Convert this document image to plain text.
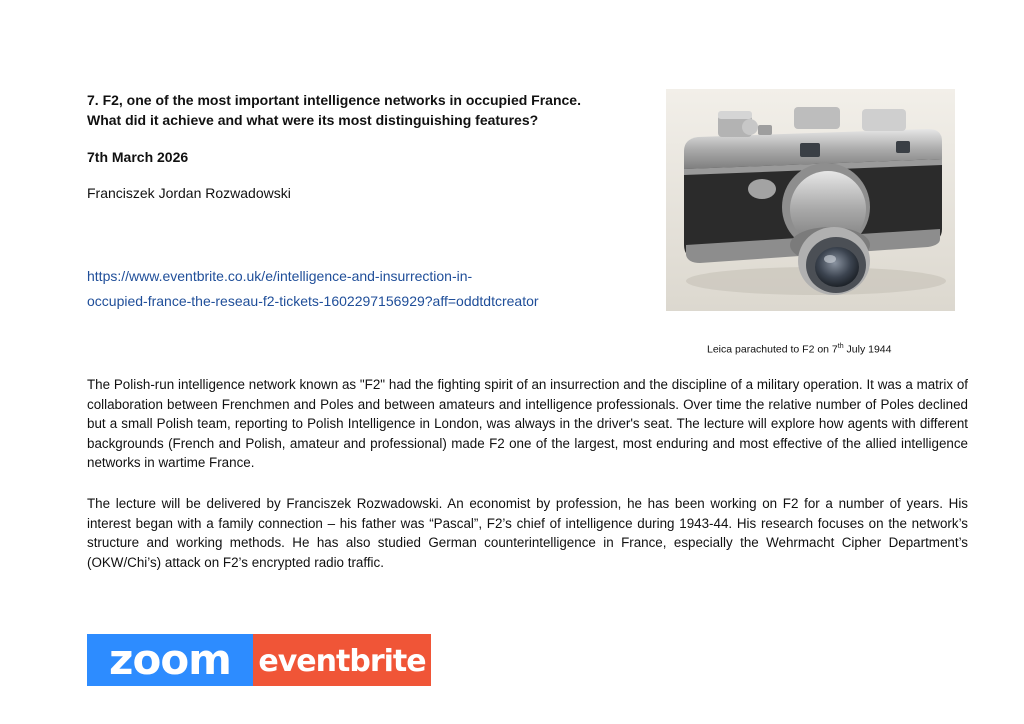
7. F2, one of the most important intelligence networks in occupied France.
What did it achieve and what were its most distinguishing features?
7th March 2026
Franciszek Jordan Rozwadowski
https://www.eventbrite.co.uk/e/intelligence-and-insurrection-in-
occupied-france-the-reseau-f2-tickets-1602297156929?aff=oddtdtcreator
Leica parachuted to F2 on 7th July 1944

The Polish-run intelligence network known as "F2" had the fighting spirit of an insurrection and the discipline of a military operation. It was a matrix of collaboration between Frenchmen and Poles and between amateurs and intelligence professionals. Over time the relative number of Poles declined but a small Polish team, reporting to Polish Intelligence in London, was always in the driver's seat. The lecture will explore how agents with different backgrounds (French and Polish, amateur and professional) made F2 one of the largest, most enduring and most effective of the allied intelligence networks in wartime France.

The lecture will be delivered by Franciszek Rozwadowski. An economist by profession, he has been working on F2 for a number of years. His interest began with a family connection – his father was “Pascal”, F2’s chief of intelligence during 1943-44. His research focuses on the network’s structure and working methods. He has also studied German counterintelligence in France, especially the Wehrmacht Cipher Department’s (OKW/Chi’s) attack on F2’s encrypted radio traffic.

zoom eventbrite
